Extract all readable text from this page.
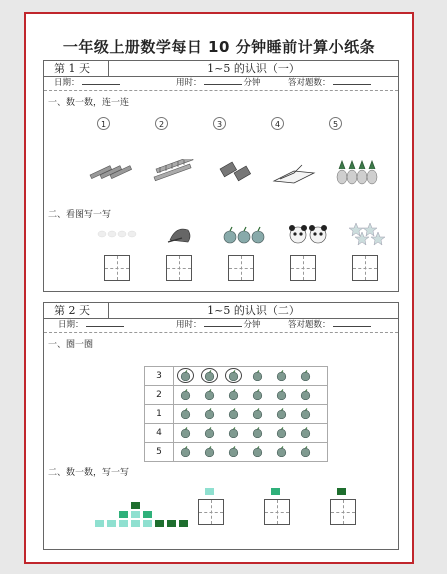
一年级上册数学每日 10 分钟睡前计算小纸条
第 1 天	1~5 的认识（一）
日期：	用时：	分钟	答对题数：
一、数一数，连一连
1	2	3	4	5
二、看图写一写
第 2 天	1~5 的认识（二）
日期：	用时：	分钟	答对题数：
一、圈一圈
3
2
1
4
5
二、数一数，写一写
